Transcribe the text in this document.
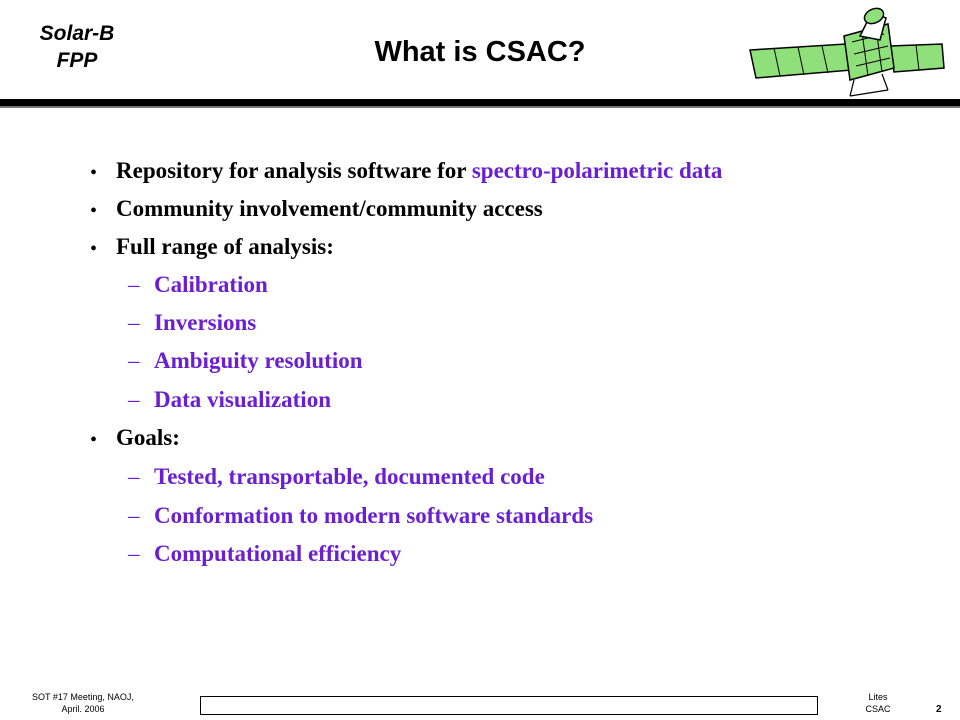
Solar-B
FPP	What is CSAC?
• Repository for analysis software for spectro-polarimetric data
• Community involvement/community access
• Full range of analysis:
– Calibration
– Inversions
– Ambiguity resolution
– Data visualization
• Goals:
– Tested, transportable, documented code
– Conformation to modern software standards
– Computational efficiency
SOT #17 Meeting, NAOJ,
April. 2006
Lites
CSAC	2
